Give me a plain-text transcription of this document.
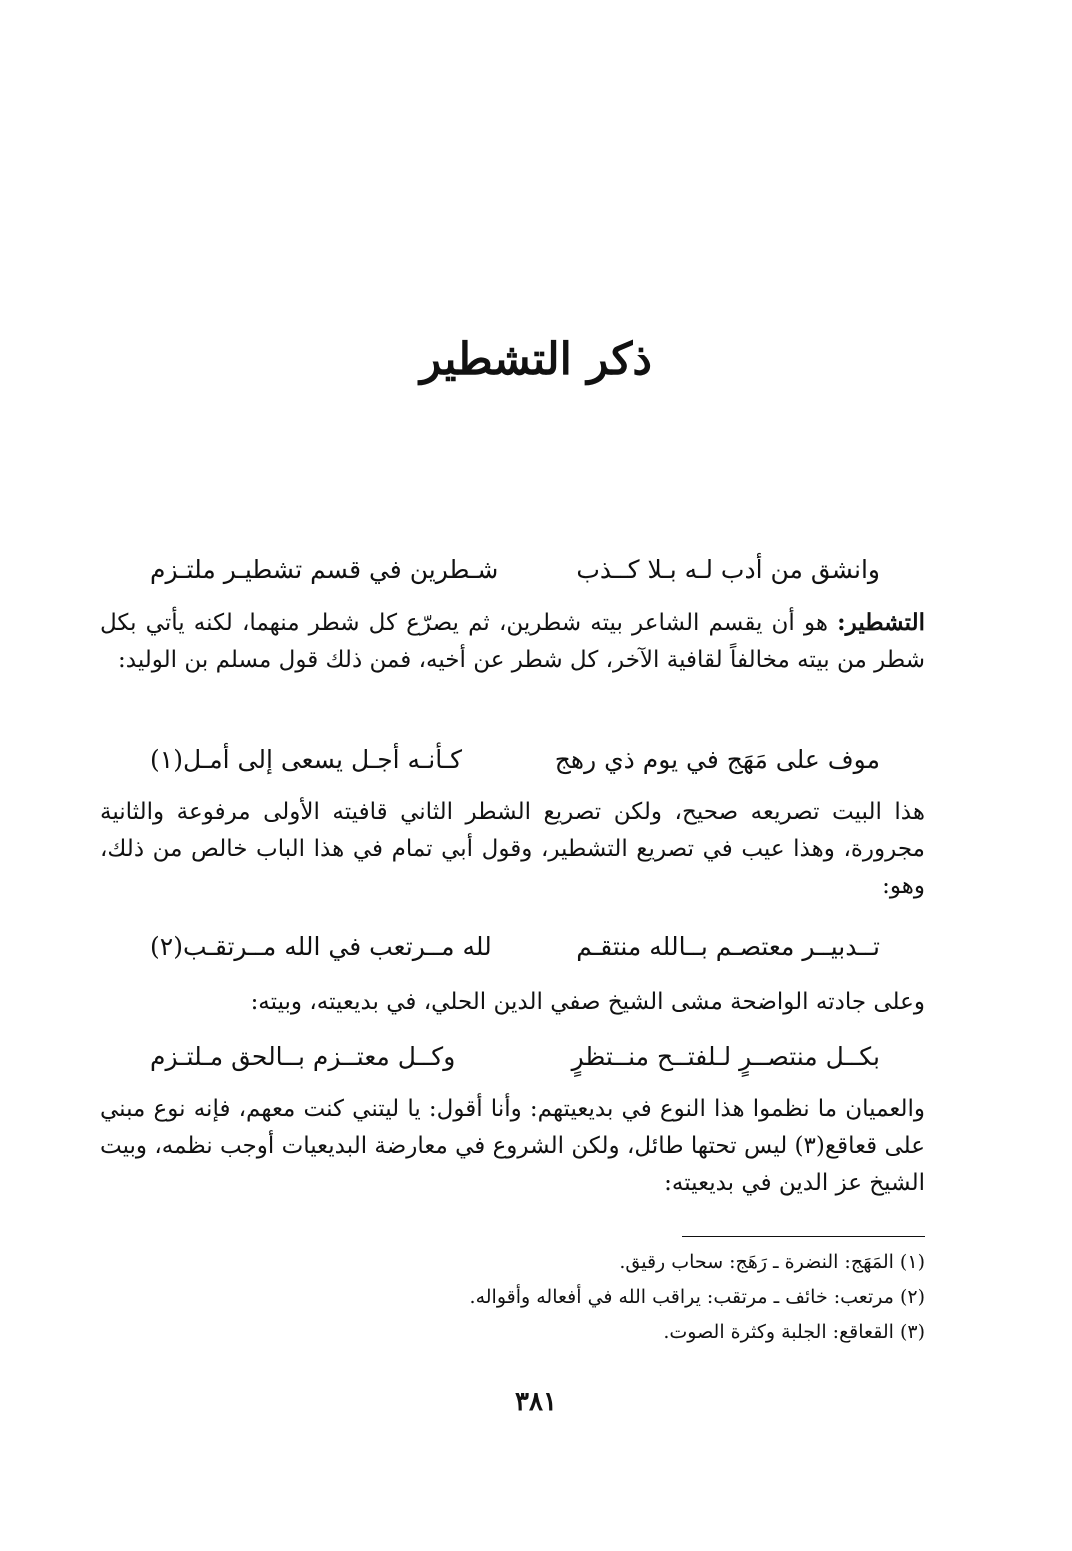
ذكر التشطير
وانشق من أدب لـه بـلا كــذب
شـطرين في قسم تشطيـر ملتـزم
التشطير: هو أن يقسم الشاعر بيته شطرين، ثم يصرّع كل شطر منهما، لكنه يأتي بكل شطر من بيته مخالفاً لقافية الآخر، كل شطر عن أخيه، فمن ذلك قول مسلم بن الوليد:
موف على مَهَج في يوم ذي رهج
كـأنـه أجـل يسعى إلى أمـل(١)
هذا البيت تصريعه صحيح، ولكن تصريع الشطر الثاني قافيته الأولى مرفوعة والثانية مجرورة، وهذا عيب في تصريع التشطير، وقول أبي تمام في هذا الباب خالص من ذلك، وهو:
تــدبيــر معتصـم بــالله منتقـم
لله مــرتعب في الله مــرتقـب(٢)
وعلى جادته الواضحة مشى الشيخ صفي الدين الحلي، في بديعيته، وبيته:
بكــل منتصــرٍ لـلفتــح منــتظرٍ
وكــل معتــزم بــالحق مـلتـزم
والعميان ما نظموا هذا النوع في بديعيتهم: وأنا أقول: يا ليتني كنت معهم، فإنه نوع مبني على قعاقع(٣) ليس تحتها طائل، ولكن الشروع في معارضة البديعيات أوجب نظمه، وبيت الشيخ عز الدين في بديعيته:
(١) المَهَج: النضرة ـ رَهَج: سحاب رقيق.
(٢) مرتعب: خائف ـ مرتقب: يراقب الله في أفعاله وأقواله.
(٣) القعاقع: الجلبة وكثرة الصوت.
٣٨١
